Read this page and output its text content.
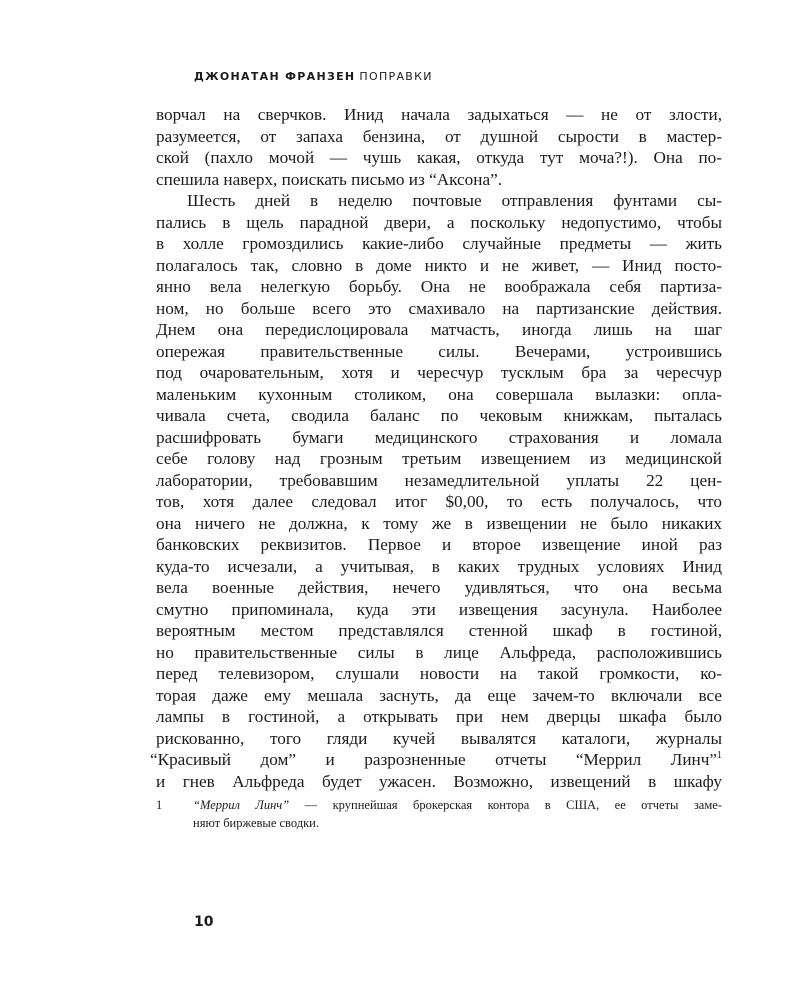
ДЖОНАТАН ФРАНЗЕН ПОПРАВКИ
ворчал на сверчков. Инид начала задыхаться — не от злости,
разумеется, от запаха бензина, от душной сырости в мастер-
ской (пахло мочой — чушь какая, откуда тут моча?!). Она по-
спешила наверх, поискать письмо из “Аксона”.
Шесть дней в неделю почтовые отправления фунтами сы-
пались в щель парадной двери, а поскольку недопустимо, чтобы
в холле громоздились какие-либо случайные предметы — жить
полагалось так, словно в доме никто и не живет, — Инид посто-
янно вела нелегкую борьбу. Она не воображала себя партиза-
ном, но больше всего это смахивало на партизанские действия.
Днем она передислоцировала матчасть, иногда лишь на шаг
опережая правительственные силы. Вечерами, устроившись
под очаровательным, хотя и чересчур тусклым бра за чересчур
маленьким кухонным столиком, она совершала вылазки: опла-
чивала счета, сводила баланс по чековым книжкам, пыталась
расшифровать бумаги медицинского страхования и ломала
себе голову над грозным третьим извещением из медицинской
лаборатории, требовавшим незамедлительной уплаты 22 цен-
тов, хотя далее следовал итог $0,00, то есть получалось, что
она ничего не должна, к тому же в извещении не было никаких
банковских реквизитов. Первое и второе извещение иной раз
куда-то исчезали, а учитывая, в каких трудных условиях Инид
вела военные действия, нечего удивляться, что она весьма
смутно припоминала, куда эти извещения засунула. Наиболее
вероятным местом представлялся стенной шкаф в гостиной,
но правительственные силы в лице Альфреда, расположившись
перед телевизором, слушали новости на такой громкости, ко-
торая даже ему мешала заснуть, да еще зачем-то включали все
лампы в гостиной, а открывать при нем дверцы шкафа было
рискованно, того гляди кучей вывалятся каталоги, журналы
“Красивый дом” и разрозненные отчеты “Меррил Линч”$^1$
и гнев Альфреда будет ужасен. Возможно, извещений в шкафу
1 “Меррил Линч” — крупнейшая брокерская контора в США, ее отчеты заме-
няют биржевые сводки.
10
